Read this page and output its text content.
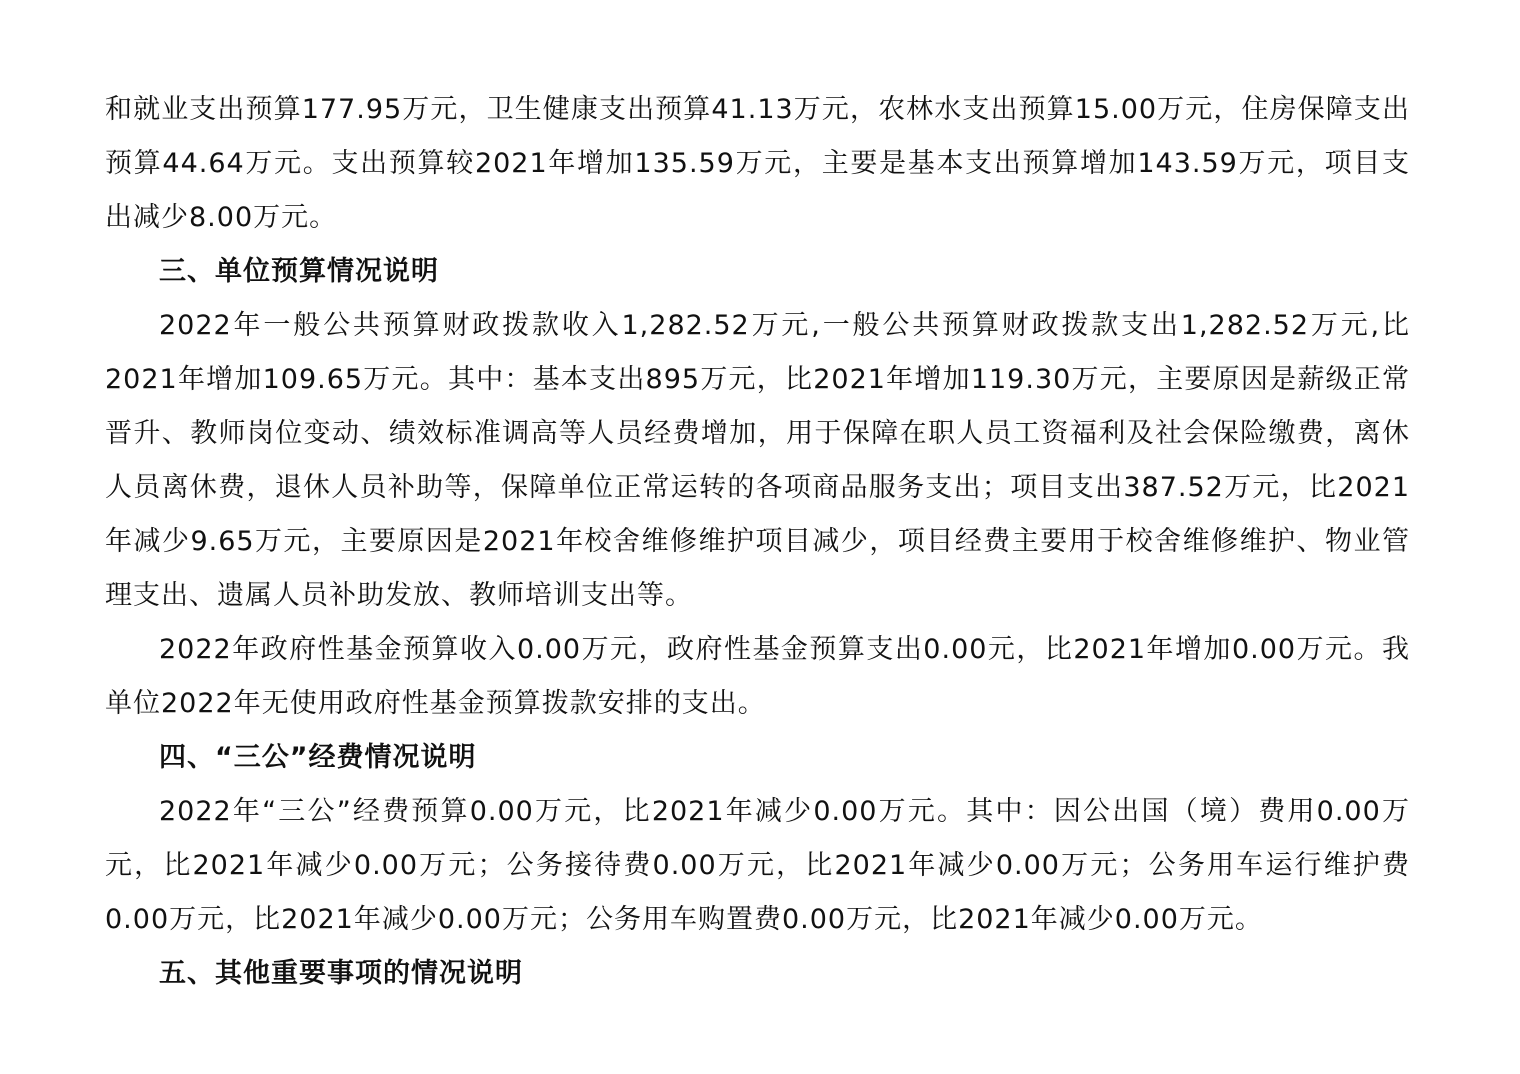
和就业支出预算177.95万元，卫生健康支出预算41.13万元，农林水支出预算15.00万元，住房保障支出预算44.64万元。支出预算较2021年增加135.59万元，主要是基本支出预算增加143.59万元，项目支出减少8.00万元。

三、单位预算情况说明

2022年一般公共预算财政拨款收入1,282.52万元,一般公共预算财政拨款支出1,282.52万元,比2021年增加109.65万元。其中：基本支出895万元，比2021年增加119.30万元，主要原因是薪级正常晋升、教师岗位变动、绩效标准调高等人员经费增加，用于保障在职人员工资福利及社会保险缴费，离休人员离休费，退休人员补助等，保障单位正常运转的各项商品服务支出；项目支出387.52万元，比2021年减少9.65万元，主要原因是2021年校舍维修维护项目减少，项目经费主要用于校舍维修维护、物业管理支出、遗属人员补助发放、教师培训支出等。

2022年政府性基金预算收入0.00万元，政府性基金预算支出0.00元，比2021年增加0.00万元。我单位2022年无使用政府性基金预算拨款安排的支出。

四、“三公”经费情况说明

2022年“三公”经费预算0.00万元，比2021年减少0.00万元。其中：因公出国（境）费用0.00万元，比2021年减少0.00万元；公务接待费0.00万元，比2021年减少0.00万元；公务用车运行维护费0.00万元，比2021年减少0.00万元；公务用车购置费0.00万元，比2021年减少0.00万元。

五、其他重要事项的情况说明
